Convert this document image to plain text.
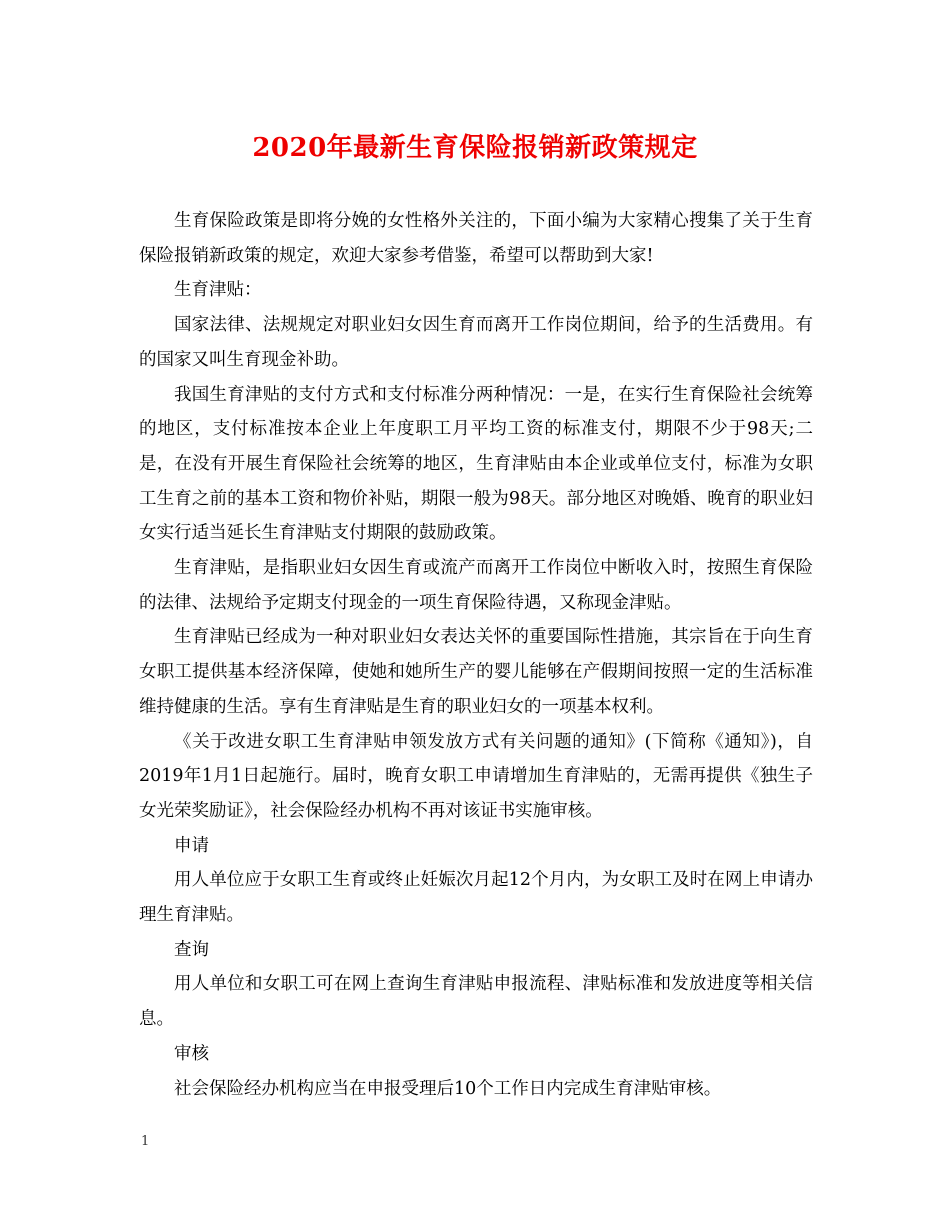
2020年最新生育保险报销新政策规定

生育保险政策是即将分娩的女性格外关注的，下面小编为大家精心搜集了关于生育保险报销新政策的规定，欢迎大家参考借鉴，希望可以帮助到大家!

生育津贴：

国家法律、法规规定对职业妇女因生育而离开工作岗位期间，给予的生活费用。有的国家又叫生育现金补助。

我国生育津贴的支付方式和支付标准分两种情况：一是，在实行生育保险社会统筹的地区，支付标准按本企业上年度职工月平均工资的标准支付，期限不少于98天;二是，在没有开展生育保险社会统筹的地区，生育津贴由本企业或单位支付，标准为女职工生育之前的基本工资和物价补贴，期限一般为98天。部分地区对晚婚、晚育的职业妇女实行适当延长生育津贴支付期限的鼓励政策。

生育津贴，是指职业妇女因生育或流产而离开工作岗位中断收入时，按照生育保险的法律、法规给予定期支付现金的一项生育保险待遇，又称现金津贴。

生育津贴已经成为一种对职业妇女表达关怀的重要国际性措施，其宗旨在于向生育女职工提供基本经济保障，使她和她所生产的婴儿能够在产假期间按照一定的生活标准维持健康的生活。享有生育津贴是生育的职业妇女的一项基本权利。

《关于改进女职工生育津贴申领发放方式有关问题的通知》(下简称《通知》)，自2019年1月1日起施行。届时，晚育女职工申请增加生育津贴的，无需再提供《独生子女光荣奖励证》，社会保险经办机构不再对该证书实施审核。

申请

用人单位应于女职工生育或终止妊娠次月起12个月内，为女职工及时在网上申请办理生育津贴。

查询

用人单位和女职工可在网上查询生育津贴申报流程、津贴标准和发放进度等相关信息。

审核

社会保险经办机构应当在申报受理后10个工作日内完成生育津贴审核。

1
